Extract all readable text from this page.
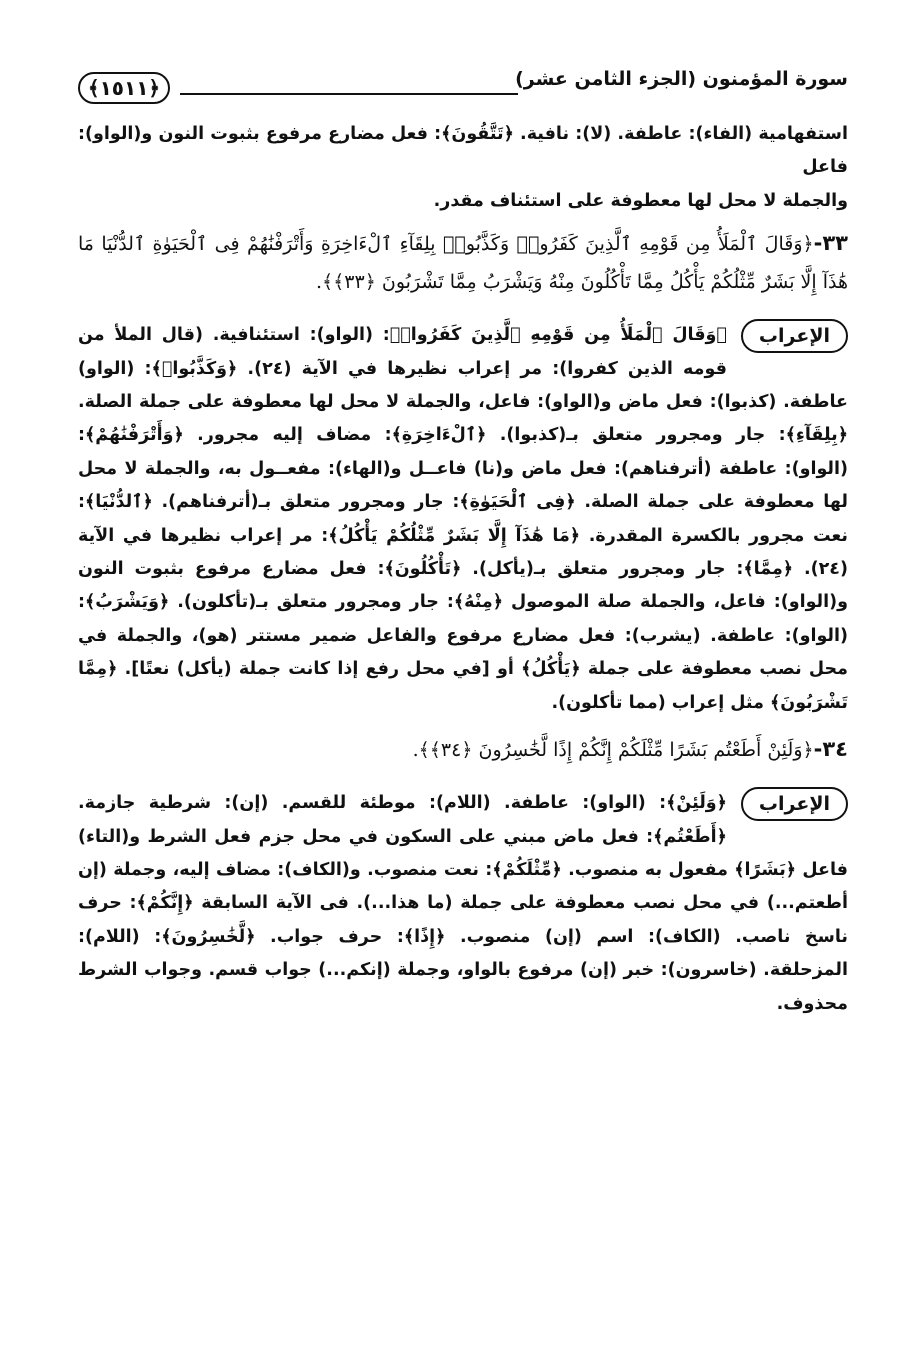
سورة المؤمنون (الجزء الثامن عشر)
﴿١٥١١﴾

استفهامية (الفاء): عاطفة. (لا): نافية. ﴿تَتَّقُونَ﴾: فعل مضارع مرفوع بثبوت النون و(الواو): فاعل

والجملة لا محل لها معطوفة على استئناف مقدر.

٣٣-﴿وَقَالَ ٱلْمَلَأُ مِن قَوْمِهِ ٱلَّذِينَ كَفَرُوا۟ وَكَذَّبُوا۟ بِلِقَآءِ ٱلْءَاخِرَةِ وَأَتْرَفْنَٰهُمْ فِى ٱلْحَيَوٰةِ ٱلدُّنْيَا مَا هَٰذَآ إِلَّا بَشَرٌ مِّثْلُكُمْ يَأْكُلُ مِمَّا تَأْكُلُونَ مِنْهُ وَيَشْرَبُ مِمَّا تَشْرَبُونَ ﴿٣٣﴾﴾.

الإعراب

﴿وَقَالَ ٱلْمَلَأُ مِن قَوْمِهِ ٱلَّذِينَ كَفَرُوا۟﴾: (الواو): استئنافية. (قال الملأ من قومه الذين كفروا): مر إعراب نظيرها في الآية (٢٤). ﴿وَكَذَّبُوا۟﴾: (الواو) عاطفة. (كذبوا): فعل ماض و(الواو): فاعل، والجملة لا محل لها معطوفة على جملة الصلة. ﴿بِلِقَآءِ﴾: جار ومجرور متعلق بـ(كذبوا). ﴿ٱلْءَاخِرَةِ﴾: مضاف إليه مجرور. ﴿وَأَتْرَفْنَٰهُمْ﴾: (الواو): عاطفة (أترفناهم): فعل ماض و(نا) فاعــل و(الهاء): مفعــول به، والجملة لا محل لها معطوفة على جملة الصلة. ﴿فِى ٱلْحَيَوٰةِ﴾: جار ومجرور متعلق بـ(أترفناهم). ﴿ٱلدُّنْيَا﴾: نعت مجرور بالكسرة المقدرة. ﴿مَا هَٰذَآ إِلَّا بَشَرٌ مِّثْلُكُمْ يَأْكُلُ﴾: مر إعراب نظيرها في الآية (٢٤). ﴿مِمَّا﴾: جار ومجرور متعلق بـ(يأكل). ﴿تَأْكُلُونَ﴾: فعل مضارع مرفوع بثبوت النون و(الواو): فاعل، والجملة صلة الموصول ﴿مِنْهُ﴾: جار ومجرور متعلق بـ(تأكلون). ﴿وَيَشْرَبُ﴾: (الواو): عاطفة. (يشرب): فعل مضارع مرفوع والفاعل ضمير مستتر (هو)، والجملة في محل نصب معطوفة على جملة ﴿يَأْكُلُ﴾ أو [في محل رفع إذا كانت جملة (يأكل) نعتًا]. ﴿مِمَّا تَشْرَبُونَ﴾ مثل إعراب (مما تأكلون).

٣٤-﴿وَلَئِنْ أَطَعْتُم بَشَرًا مِّثْلَكُمْ إِنَّكُمْ إِذًا لَّخَٰسِرُونَ ﴿٣٤﴾﴾.

الإعراب

﴿وَلَئِنْ﴾: (الواو): عاطفة. (اللام): موطئة للقسم. (إن): شرطية جازمة. ﴿أَطَعْتُم﴾: فعل ماض مبني على السكون في محل جزم فعل الشرط و(التاء) فاعل ﴿بَشَرًا﴾ مفعول به منصوب. ﴿مِّثْلَكُمْ﴾: نعت منصوب. و(الكاف): مضاف إليه، وجملة (إن أطعتم...) في محل نصب معطوفة على جملة (ما هذا...). فى الآية السابقة ﴿إِنَّكُمْ﴾: حرف ناسخ ناصب. (الكاف): اسم (إن) منصوب. ﴿إِذًا﴾: حرف جواب. ﴿لَّخَٰسِرُونَ﴾: (اللام): المزحلقة. (خاسرون): خبر (إن) مرفوع بالواو، وجملة (إنكم...) جواب قسم. وجواب الشرط محذوف.
